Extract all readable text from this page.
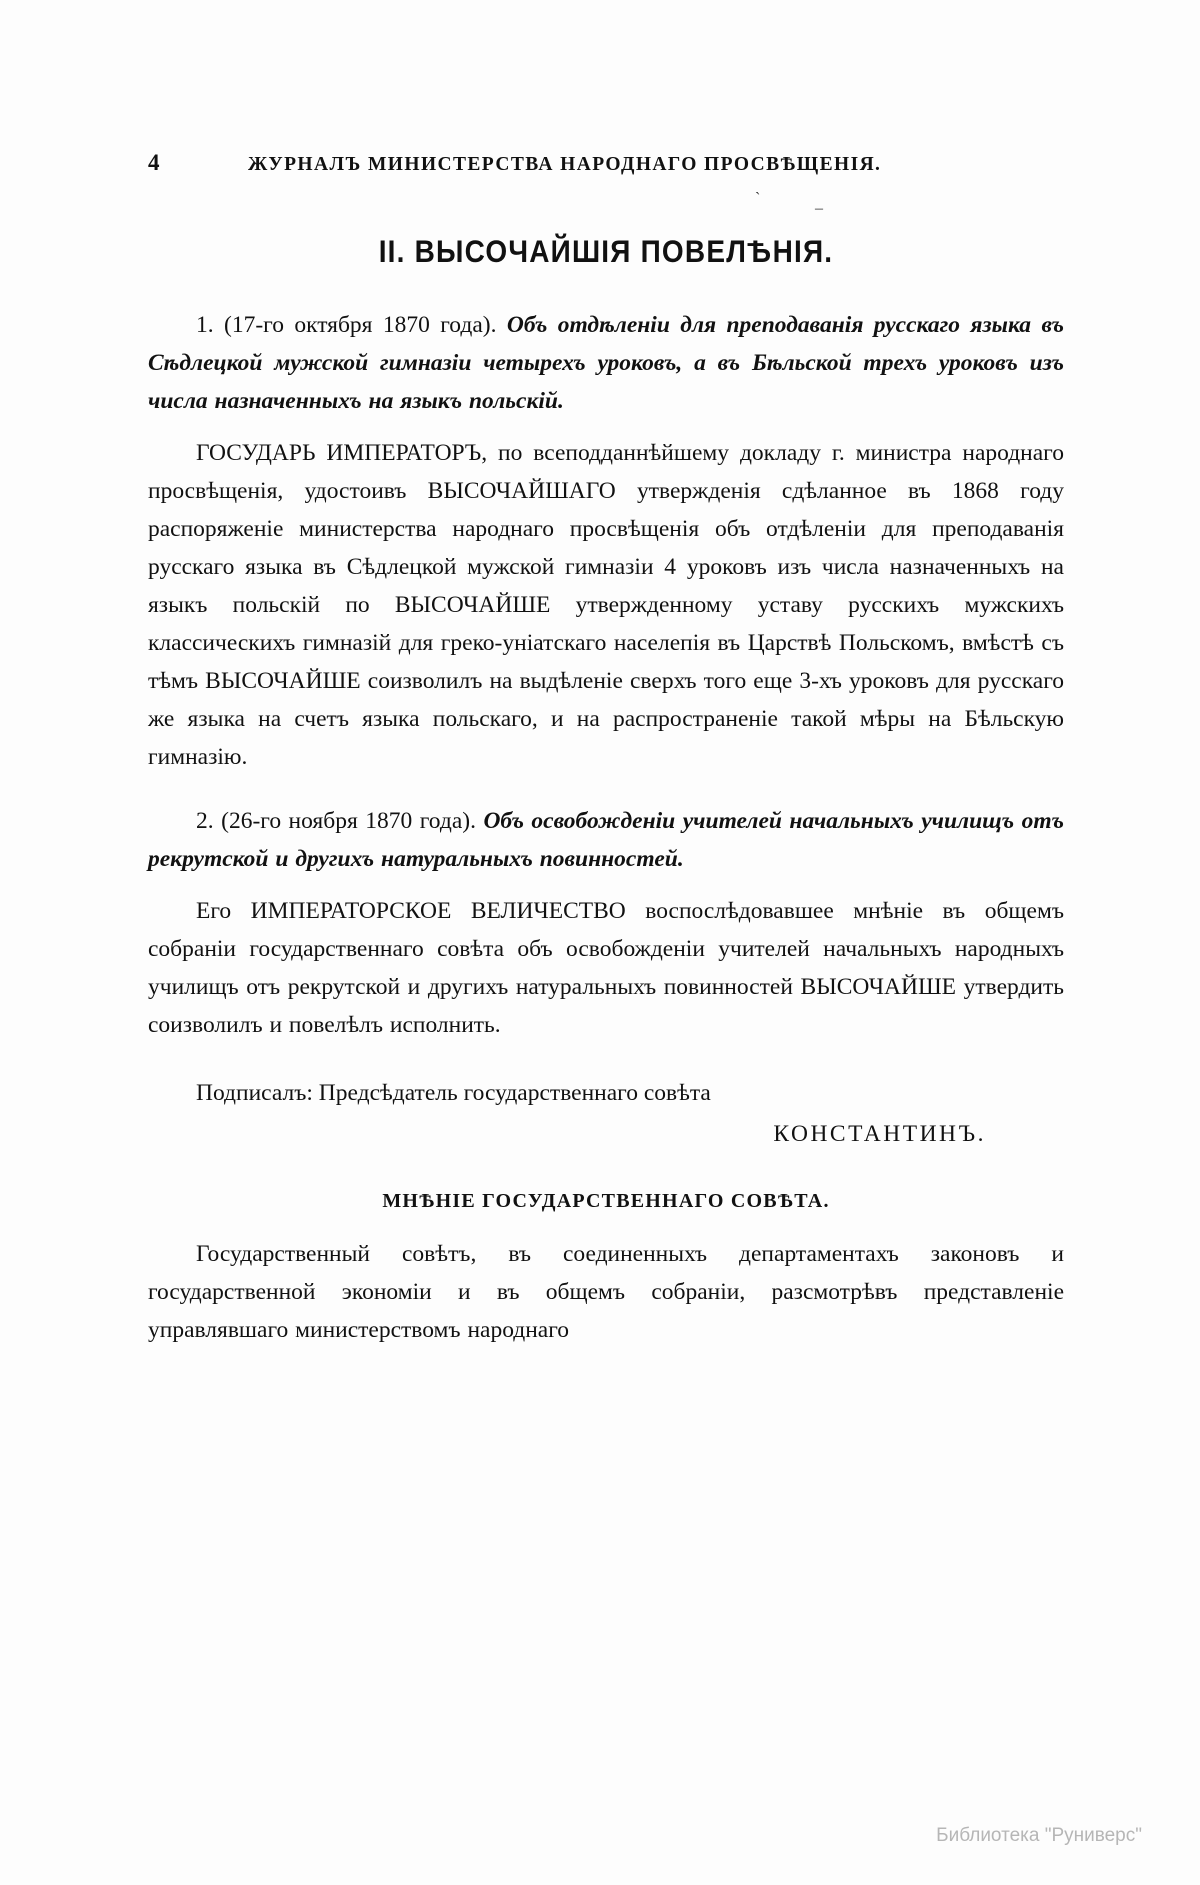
4	ЖУРНАЛЪ МИНИСТЕРСТВА НАРОДНАГО ПРОСВѢЩЕНІЯ.
II. ВЫСОЧАЙШІЯ ПОВЕЛѢНІЯ.

1. (17-го октября 1870 года). Объ отдѣленіи для преподаванія русскаго языка въ Сѣдлецкой мужской гимназіи четырехъ уроковъ, а въ Бѣльской трехъ уроковъ изъ числа назначенныхъ на языкъ польскій.

ГОСУДАРЬ ИМПЕРАТОРЪ, по всеподданнѣйшему докладу г. министра народнаго просвѣщенія, удостоивъ ВЫСОЧАЙШАГО утвержденія сдѣланное въ 1868 году распоряженіе министерства народнаго просвѣщенія объ отдѣленіи для преподаванія русскаго языка въ Сѣдлецкой мужской гимназіи 4 уроковъ изъ числа назначенныхъ на языкъ польскій по ВЫСОЧАЙШЕ утвержденному уставу русскихъ мужскихъ классическихъ гимназій для греко-уніатскаго населепія въ Царствѣ Польскомъ, вмѣстѣ съ тѣмъ ВЫСОЧАЙШЕ соизволилъ на выдѣленіе сверхъ того еще 3-хъ уроковъ для русскаго же языка на счетъ языка польскаго, и на распространеніе такой мѣры на Бѣльскую гимназію.

2. (26-го ноября 1870 года). Объ освобожденіи учителей начальныхъ училищъ отъ рекрутской и другихъ натуральныхъ повинностей.

Его ИМПЕРАТОРСКОЕ ВЕЛИЧЕСТВО воспослѣдовавшее мнѣніе въ общемъ собраніи государственнаго совѣта объ освобожденіи учителей начальныхъ народныхъ училищъ отъ рекрутской и другихъ натуральныхъ повинностей ВЫСОЧАЙШЕ утвердить соизволилъ и повелѣлъ исполнить.

Подписалъ: Предсѣдатель государственнаго совѣта

КОНСТАНТИНЪ.

МНѢНІЕ ГОСУДАРСТВЕННАГО СОВѢТА.

Государственный совѣтъ, въ соединенныхъ департаментахъ законовъ и государственной экономіи и въ общемъ собраніи, разсмотрѣвъ представленіе управлявшаго министерствомъ народнаго

`
–
Библиотека "Руниверс"
